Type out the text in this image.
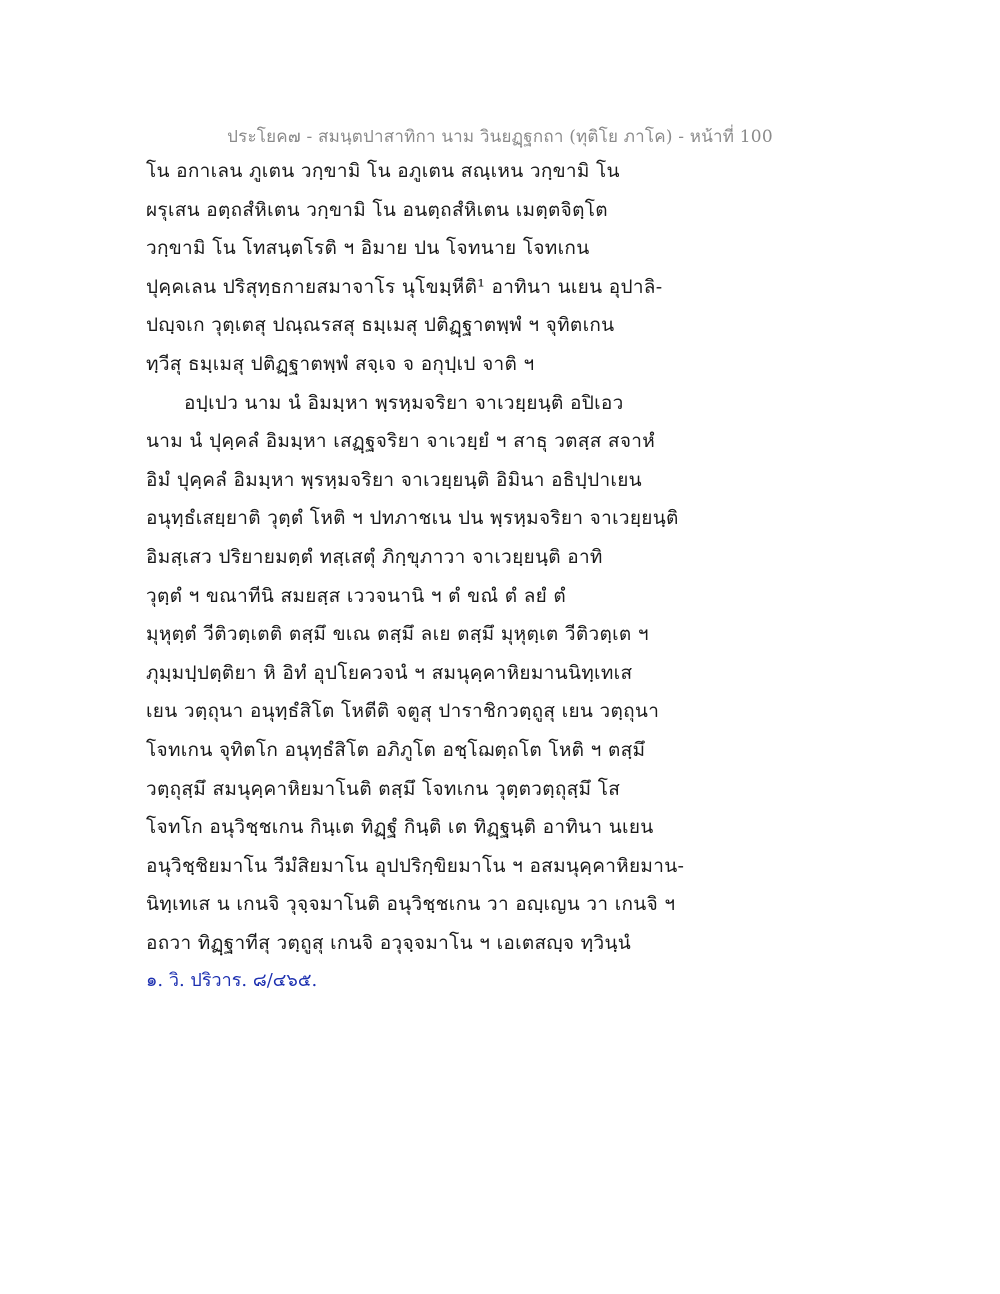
ประโยค๗ - สมนฺตปาสาทิกา นาม วินยฏฺฐกถา (ทุติโย ภาโค) - หน้าที่ 100
โน อกาเลน ภูเตน วกฺขามิ โน อภูเตน สณฺเหน วกฺขามิ โน
ผรุเสน อตฺถสํหิเตน วกฺขามิ โน อนตฺถสํหิเตน เมตฺตจิตฺโต
วกฺขามิ โน โทสนฺตโรติ ฯ อิมาย ปน โจทนาย โจทเกน
ปุคฺคเลน ปริสุทฺธกายสมาจาโร นุโขมฺหีติ¹ อาทินา นเยน อุปาลิ-
ปญฺจเก วุตฺเตสุ ปณฺณรสสุ ธมฺเมสุ ปติฏฺฐาตพฺพํ ฯ จุทิตเกน
ทฺวีสุ ธมฺเมสุ ปติฏฺฐาตพฺพํ สจฺเจ จ อกุปฺเป จาติ ฯ
อปฺเปว นาม นํ อิมมฺหา พฺรหฺมจริยา จาเวยฺยนฺติ อปิเอว
นาม นํ ปุคฺคลํ อิมมฺหา เสฏฺฐจริยา จาเวยฺยํ ฯ สาธุ วตสฺส สจาหํ
อิมํ ปุคฺคลํ อิมมฺหา พฺรหฺมจริยา จาเวยฺยนฺติ อิมินา อธิปฺปาเยน
อนุทฺธํเสยฺยาติ วุตฺตํ โหติ ฯ ปทภาชเน ปน พฺรหฺมจริยา จาเวยฺยนฺติ
อิมสฺเสว ปริยายมตฺตํ ทสฺเสตุํ ภิกฺขุภาวา จาเวยฺยนฺติ อาทิ
วุตฺตํ ฯ ขณาทีนิ สมยสฺส เววจนานิ ฯ ตํ ขณํ ตํ ลยํ ตํ
มุหุตฺตํ วีติวตฺเตติ ตสฺมึ ขเณ ตสฺมึ ลเย ตสฺมึ มุหุตฺเต วีติวตฺเต ฯ
ภุมฺมปฺปตฺติยา หิ อิทํ อุปโยควจนํ ฯ สมนุคฺคาหิยมานนิทฺเทเส
เยน วตฺถุนา อนุทฺธํสิโต โหตีติ จตูสุ ปาราชิกวตฺถูสุ เยน วตฺถุนา
โจทเกน จุทิตโก อนุทฺธํสิโต อภิภูโต อชฺโฌตฺถโต โหติ ฯ ตสฺมึ
วตฺถุสฺมึ สมนุคฺคาหิยมาโนติ ตสฺมึ โจทเกน วุตฺตวตฺถุสฺมึ โส
โจทโก อนุวิชฺชเกน กินฺเต ทิฏฺฐํ กินฺติ เต ทิฏฺฐนฺติ อาทินา นเยน
อนุวิชฺชิยมาโน วีมํสิยมาโน อุปปริกฺขิยมาโน ฯ อสมนุคฺคาหิยมาน-
นิทฺเทเส น เกนจิ วุจฺจมาโนติ อนุวิชฺชเกน วา อญฺเญน วา เกนจิ ฯ
อถวา ทิฏฺฐาทีสุ วตฺถูสุ เกนจิ อวุจฺจมาโน ฯ เอเตสญฺจ ทฺวินฺนํ
๑. วิ. ปริวาร. ๘/๔๖๕.
